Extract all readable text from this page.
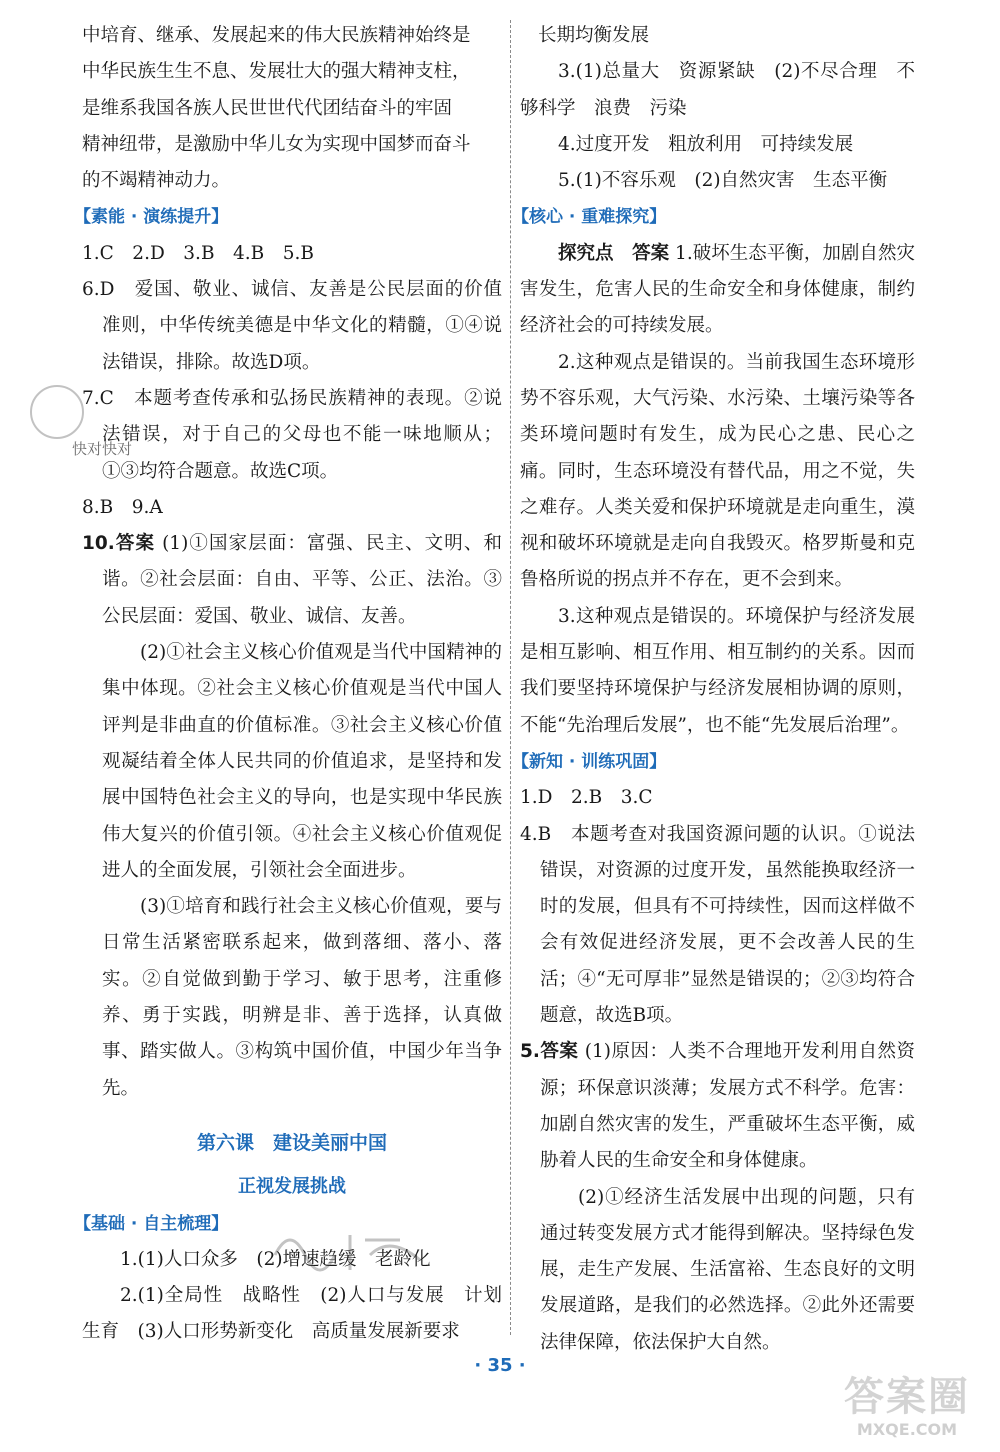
中培育、继承、发展起来的伟大民族精神始终是

中华民族生生不息、发展壮大的强大精神支柱，

是维系我国各族人民世世代代团结奋斗的牢固

精神纽带，是激励中华儿女为实现中国梦而奋斗

的不竭精神动力。

【素能 · 演练提升】

1.C　2.D　3.B　4.B　5.B

6.D　爱国、敬业、诚信、友善是公民层面的价值准则，中华传统美德是中华文化的精髓，①④说法错误，排除。故选D项。

7.C　本题考查传承和弘扬民族精神的表现。②说法错误，对于自己的父母也不能一味地顺从；①③均符合题意。故选C项。

8.B　9.A

10.答案 (1)①国家层面：富强、民主、文明、和谐。②社会层面：自由、平等、公正、法治。③公民层面：爱国、敬业、诚信、友善。

(2)①社会主义核心价值观是当代中国精神的集中体现。②社会主义核心价值观是当代中国人评判是非曲直的价值标准。③社会主义核心价值观凝结着全体人民共同的价值追求，是坚持和发展中国特色社会主义的导向，也是实现中华民族伟大复兴的价值引领。④社会主义核心价值观促进人的全面发展，引领社会全面进步。

(3)①培育和践行社会主义核心价值观，要与日常生活紧密联系起来，做到落细、落小、落实。②自觉做到勤于学习、敏于思考，注重修养、勇于实践，明辨是非、善于选择，认真做事、踏实做人。③构筑中国价值，中国少年当争先。

第六课　建设美丽中国

正视发展挑战

【基础 · 自主梳理】

1.(1)人口众多　(2)增速趋缓　老龄化

2.(1)全局性　战略性　(2)人口与发展　计划生育　(3)人口形势新变化　高质量发展新要求

长期均衡发展

3.(1)总量大　资源紧缺　(2)不尽合理　不够科学　浪费　污染

4.过度开发　粗放利用　可持续发展

5.(1)不容乐观　(2)自然灾害　生态平衡

【核心 · 重难探究】

探究点　答案 1.破坏生态平衡，加剧自然灾害发生，危害人民的生命安全和身体健康，制约经济社会的可持续发展。

2.这种观点是错误的。当前我国生态环境形势不容乐观，大气污染、水污染、土壤污染等各类环境问题时有发生，成为民心之患、民心之痛。同时，生态环境没有替代品，用之不觉，失之难存。人类关爱和保护环境就是走向重生，漠视和破坏环境就是走向自我毁灭。格罗斯曼和克鲁格所说的拐点并不存在，更不会到来。

3.这种观点是错误的。环境保护与经济发展是相互影响、相互作用、相互制约的关系。因而我们要坚持环境保护与经济发展相协调的原则，不能“先治理后发展”，也不能“先发展后治理”。

【新知 · 训练巩固】

1.D　2.B　3.C

4.B　本题考查对我国资源问题的认识。①说法错误，对资源的过度开发，虽然能换取经济一时的发展，但具有不可持续性，因而这样做不会有效促进经济发展，更不会改善人民的生活；④“无可厚非”显然是错误的；②③均符合题意，故选B项。

5.答案 (1)原因：人类不合理地开发利用自然资源；环保意识淡薄；发展方式不科学。危害：加剧自然灾害的发生，严重破坏生态平衡，威胁着人民的生命安全和身体健康。

(2)①经济生活发展中出现的问题，只有通过转变发展方式才能得到解决。坚持绿色发展，走生产发展、生活富裕、生态良好的文明发展道路，是我们的必然选择。②此外还需要法律保障，依法保护大自然。

· 35 ·
快对快对
答案圈
MXQE.COM
